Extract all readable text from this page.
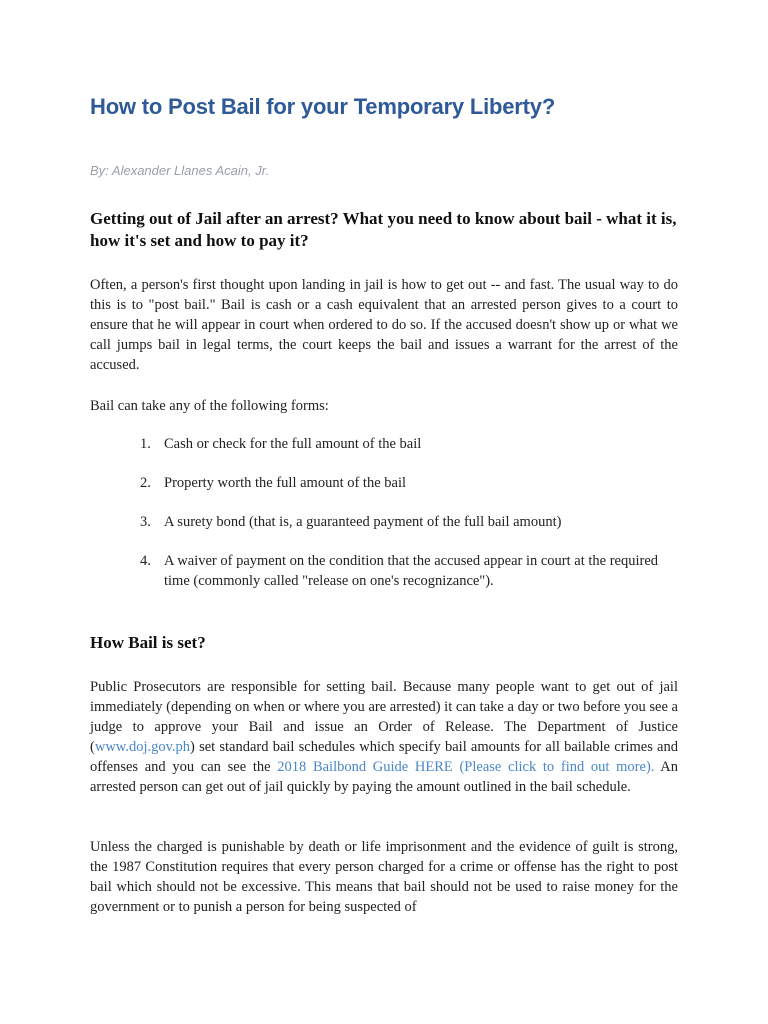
How to Post Bail for your Temporary Liberty?

By: Alexander Llanes Acain, Jr.

Getting out of Jail after an arrest? What you need to know about bail - what it is, how it's set and how to pay it?

Often, a person's first thought upon landing in jail is how to get out -- and fast. The usual way to do this is to "post bail." Bail is cash or a cash equivalent that an arrested person gives to a court to ensure that he will appear in court when ordered to do so. If the accused doesn't show up or what we call jumps bail in legal terms, the court keeps the bail and issues a warrant for the arrest of the accused.

Bail can take any of the following forms:

1. Cash or check for the full amount of the bail
2. Property worth the full amount of the bail
3. A surety bond (that is, a guaranteed payment of the full bail amount)
4. A waiver of payment on the condition that the accused appear in court at the required time (commonly called "release on one's recognizance").
How Bail is set?

Public Prosecutors are responsible for setting bail. Because many people want to get out of jail immediately (depending on when or where you are arrested) it can take a day or two before you see a judge to approve your Bail and issue an Order of Release. The Department of Justice (www.doj.gov.ph) set standard bail schedules which specify bail amounts for all bailable crimes and offenses and you can see the 2018 Bailbond Guide HERE (Please click to find out more). An arrested person can get out of jail quickly by paying the amount outlined in the bail schedule.

Unless the charged is punishable by death or life imprisonment and the evidence of guilt is strong, the 1987 Constitution requires that every person charged for a crime or offense has the right to post bail which should not be excessive. This means that bail should not be used to raise money for the government or to punish a person for being suspected of
